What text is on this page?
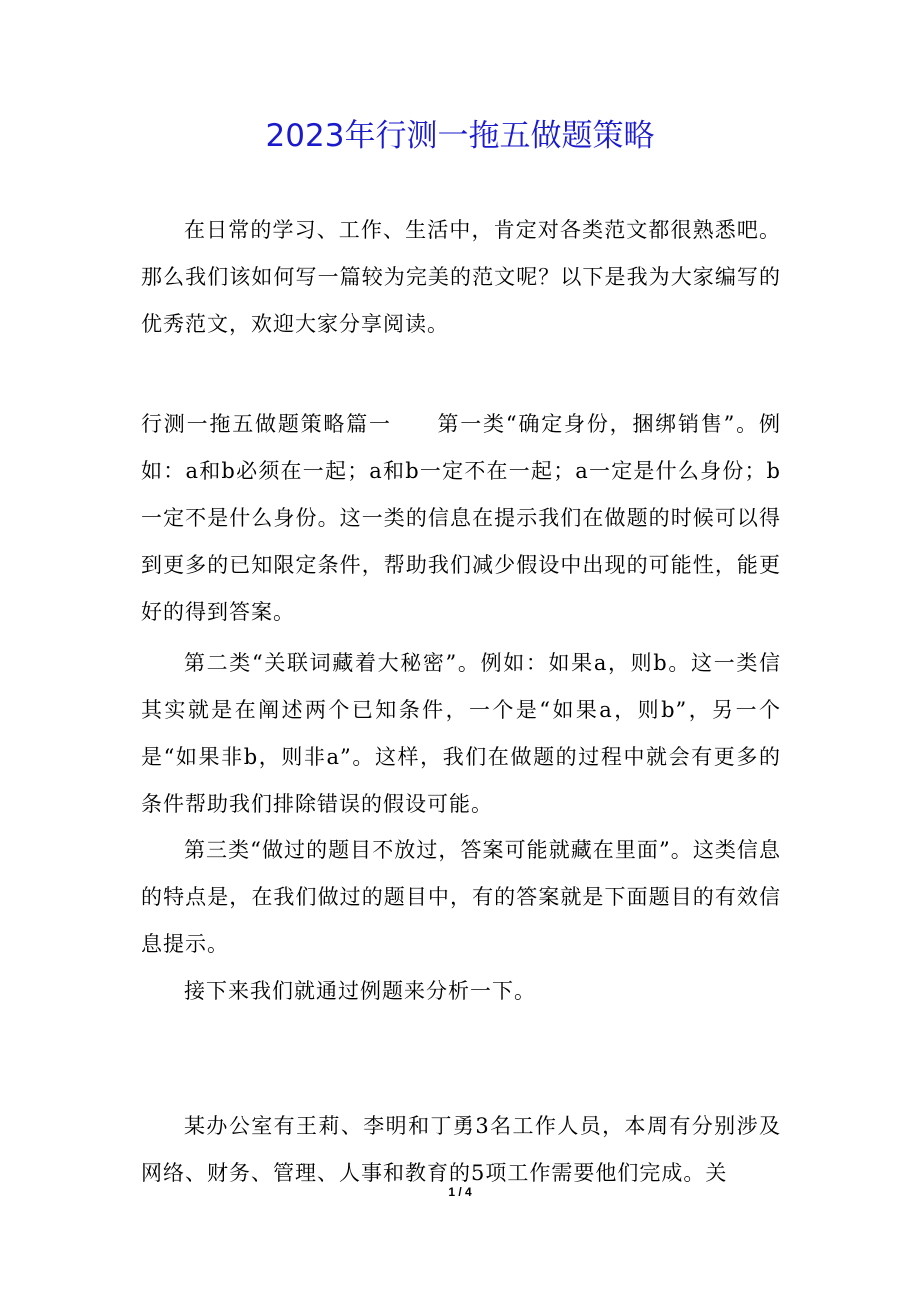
2023年行测一拖五做题策略

在日常的学习、工作、生活中，肯定对各类范文都很熟悉吧。那么我们该如何写一篇较为完美的范文呢？以下是我为大家编写的优秀范文，欢迎大家分享阅读。

行测一拖五做题策略篇一　　第一类“确定身份，捆绑销售”。例如：a和b必须在一起；a和b一定不在一起；a一定是什么身份；b一定不是什么身份。这一类的信息在提示我们在做题的时候可以得到更多的已知限定条件，帮助我们减少假设中出现的可能性，能更好的得到答案。

第二类“关联词藏着大秘密”。例如：如果a，则b。这一类信其实就是在阐述两个已知条件，一个是“如果a，则b”，另一个是“如果非b，则非a”。这样，我们在做题的过程中就会有更多的条件帮助我们排除错误的假设可能。

第三类“做过的题目不放过，答案可能就藏在里面”。这类信息的特点是，在我们做过的题目中，有的答案就是下面题目的有效信息提示。

接下来我们就通过例题来分析一下。

某办公室有王莉、李明和丁勇3名工作人员，本周有分别涉及网络、财务、管理、人事和教育的5项工作需要他们完成。关

1 / 4
